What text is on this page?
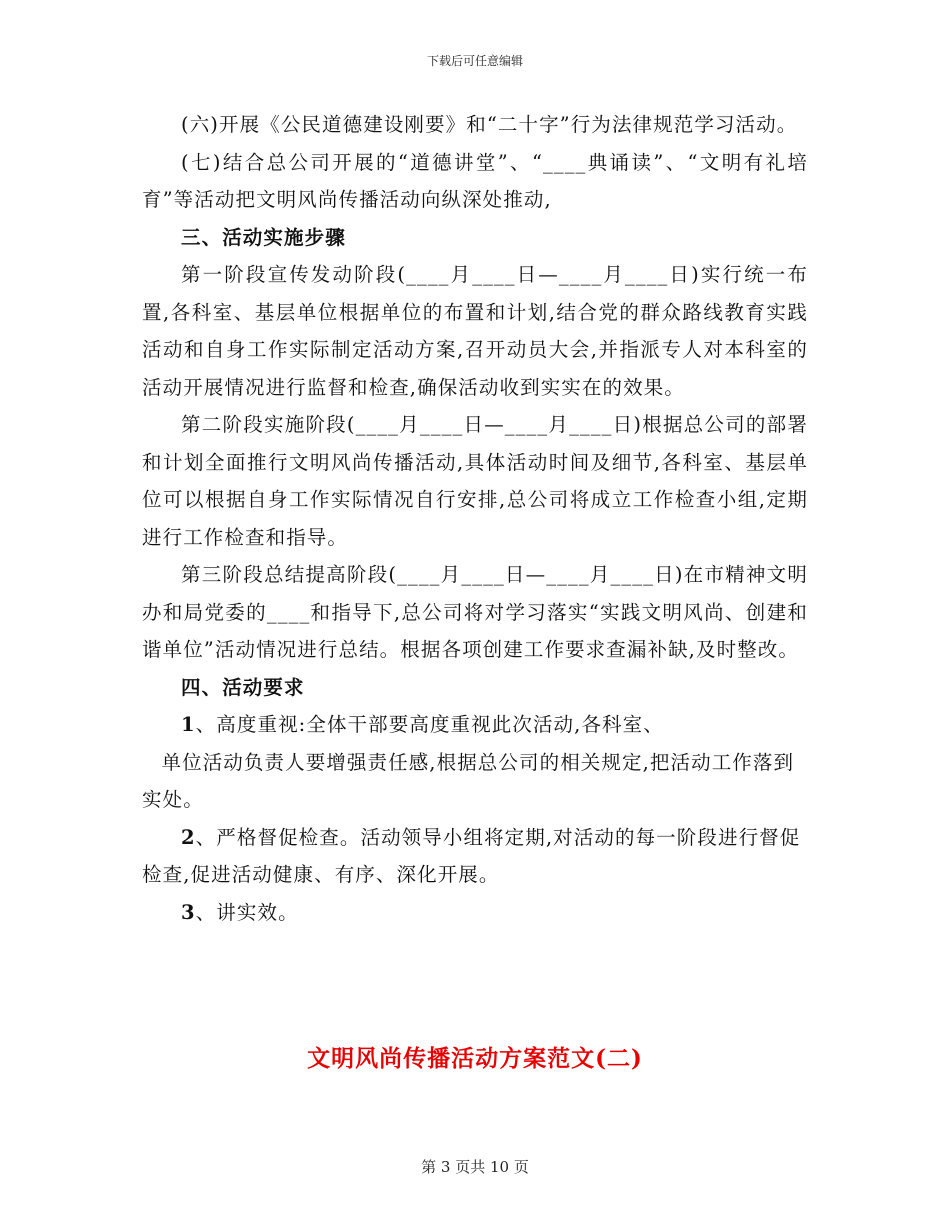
下载后可任意编辑

(六)开展《公民道德建设刚要》和“二十字”行为法律规范学习活动。

(七)结合总公司开展的“道德讲堂”、“____典诵读”、“文明有礼培育”等活动把文明风尚传播活动向纵深处推动,

三、活动实施步骤

第一阶段宣传发动阶段(____月____日—____月____日)实行统一布置,各科室、基层单位根据单位的布置和计划,结合党的群众路线教育实践活动和自身工作实际制定活动方案,召开动员大会,并指派专人对本科室的活动开展情况进行监督和检查,确保活动收到实实在的效果。

第二阶段实施阶段(____月____日—____月____日)根据总公司的部署和计划全面推行文明风尚传播活动,具体活动时间及细节,各科室、基层单位可以根据自身工作实际情况自行安排,总公司将成立工作检查小组,定期进行工作检查和指导。

第三阶段总结提高阶段(____月____日—____月____日)在市精神文明办和局党委的____和指导下,总公司将对学习落实“实践文明风尚、创建和谐单位”活动情况进行总结。根据各项创建工作要求查漏补缺,及时整改。

四、活动要求

1、高度重视:全体干部要高度重视此次活动,各科室、

单位活动负责人要增强责任感,根据总公司的相关规定,把活动工作落到实处。

2、严格督促检查。活动领导小组将定期,对活动的每一阶段进行督促检查,促进活动健康、有序、深化开展。

3、讲实效。

文明风尚传播活动方案范文(二)
第 3 页共 10 页
